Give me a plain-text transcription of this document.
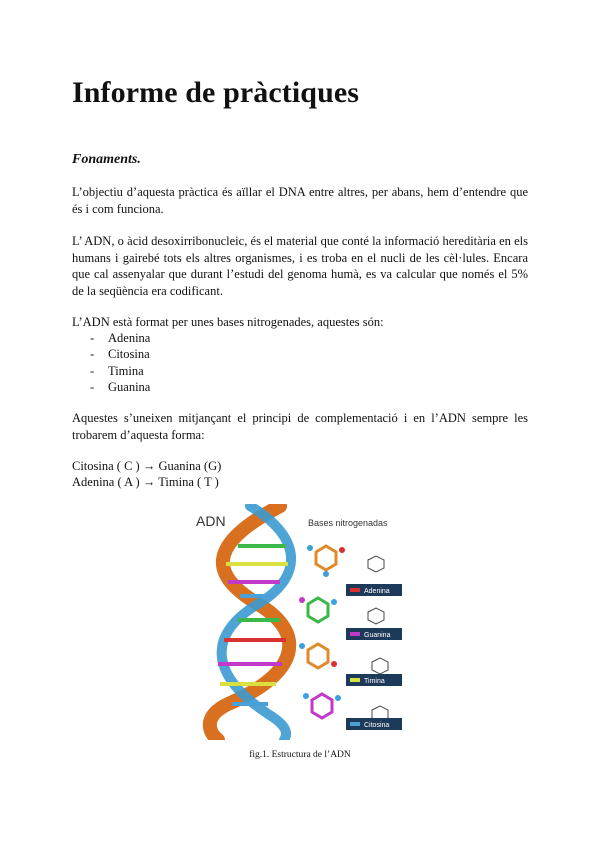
Informe de pràctiques
Fonaments.

L’objectiu d’aquesta pràctica és aïllar el DNA entre altres, per abans, hem d’entendre que és i com funciona.

L’ ADN, o àcid desoxirribonucleic, és el material que conté la informació hereditària en els humans i gairebé tots els altres organismes, i es troba en el nucli de les cèl·lules. Encara que cal assenyalar que durant l’estudi del genoma humà, es va calcular que només el 5% de la seqüència era codificant.

L’ADN està format per unes bases nitrogenades, aquestes són:

- Adenina
- Citosina
- Timina
- Guanina

Aquestes s’uneixen mitjançant el principi de complementació i en l’ADN sempre les trobarem d’aquesta forma:

Citosina ( C ) → Guanina (G)
Adenina ( A ) → Timina ( T )
ADN	Bases nitrogenadas
Adenina
Guanina
Timina
Citosina
fig.1. Estructura de l’ADN
